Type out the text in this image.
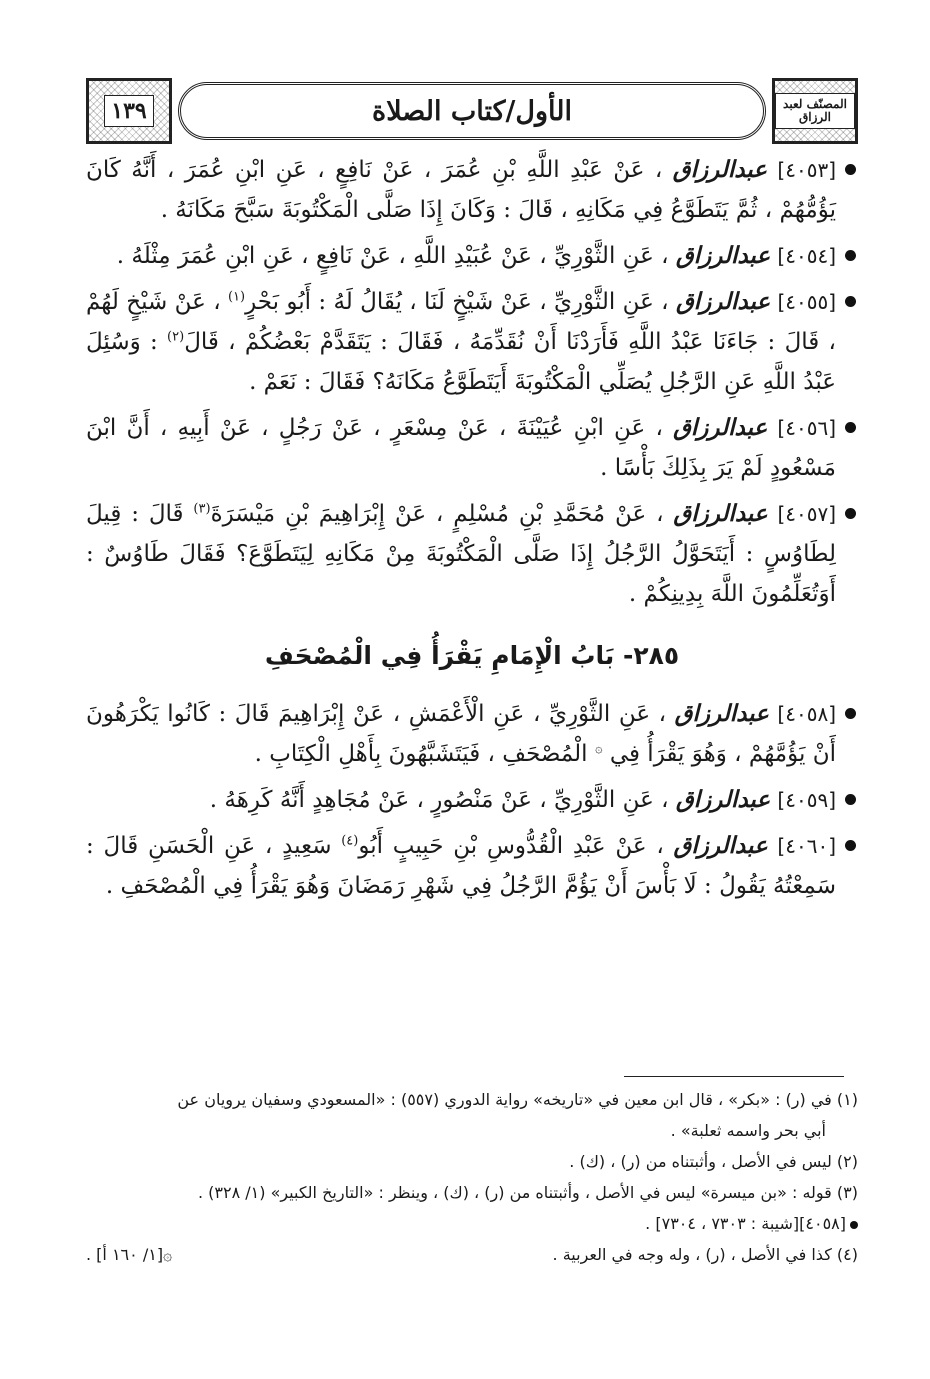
المصنّف لعبد الرزاق
الأول/كتاب الصلاة
١٣٩

[٤٠٥٣] عبدالرزاق ، عَنْ عَبْدِ اللَّهِ بْنِ عُمَرَ ، عَنْ نَافِعٍ ، عَنِ ابْنِ عُمَرَ ، أَنَّهُ كَانَ يَؤُمُّهُمْ ، ثُمَّ يَتَطَوَّعُ فِي مَكَانِهِ ، قَالَ : وَكَانَ إِذَا صَلَّى الْمَكْتُوبَةَ سَبَّحَ مَكَانَهُ .

[٤٠٥٤] عبدالرزاق ، عَنِ الثَّوْرِيِّ ، عَنْ عُبَيْدِ اللَّهِ ، عَنْ نَافِعٍ ، عَنِ ابْنِ عُمَرَ مِثْلَهُ .

[٤٠٥٥] عبدالرزاق ، عَنِ الثَّوْرِيِّ ، عَنْ شَيْخٍ لَنَا ، يُقَالُ لَهُ : أَبُو بَحْرٍ$^{(١)}$ ، عَنْ شَيْخٍ لَهُمْ ، قَالَ : جَاءَنَا عَبْدُ اللَّهِ فَأَرَدْنَا أَنْ نُقَدِّمَهُ ، فَقَالَ : يَتَقَدَّمْ بَعْضُكُمْ ، قَالَ$^{(٢)}$ : وَسُئِلَ عَبْدُ اللَّهِ عَنِ الرَّجُلِ يُصَلِّي الْمَكْتُوبَةَ أَيَتَطَوَّعُ مَكَانَهُ؟ فَقَالَ : نَعَمْ .

[٤٠٥٦] عبدالرزاق ، عَنِ ابْنِ عُيَيْنَةَ ، عَنْ مِسْعَرٍ ، عَنْ رَجُلٍ ، عَنْ أَبِيهِ ، أَنَّ ابْنَ مَسْعُودٍ لَمْ يَرَ بِذَلِكَ بَأْسًا .

[٤٠٥٧] عبدالرزاق ، عَنْ مُحَمَّدِ بْنِ مُسْلِمٍ ، عَنْ إِبْرَاهِيمَ بْنِ مَيْسَرَةَ$^{(٣)}$ قَالَ : قِيلَ لِطَاوُسٍ : أَيَتَحَوَّلُ الرَّجُلُ إِذَا صَلَّى الْمَكْتُوبَةَ مِنْ مَكَانِهِ لِيَتَطَوَّعَ؟ فَقَالَ طَاوُسٌ : أَوَتُعَلِّمُونَ اللَّهَ بِدِينِكُمْ .

٢٨٥- بَابُ الْإِمَامِ يَقْرَأُ فِي الْمُصْحَفِ

[٤٠٥٨] عبدالرزاق ، عَنِ الثَّوْرِيِّ ، عَنِ الْأَعْمَشِ ، عَنْ إِبْرَاهِيمَ قَالَ : كَانُوا يَكْرَهُونَ أَنْ يَؤُمَّهُمْ ، وَهُوَ يَقْرَأُ فِي ۞ الْمُصْحَفِ ، فَيَتَشَبَّهُونَ بِأَهْلِ الْكِتَابِ .

[٤٠٥٩] عبدالرزاق ، عَنِ الثَّوْرِيِّ ، عَنْ مَنْصُورٍ ، عَنْ مُجَاهِدٍ أَنَّهُ كَرِهَهُ .

[٤٠٦٠] عبدالرزاق ، عَنْ عَبْدِ الْقُدُّوسِ بْنِ حَبِيبٍ أَبُو$^{(٤)}$ سَعِيدٍ ، عَنِ الْحَسَنِ قَالَ : سَمِعْتُهُ يَقُولُ : لَا بَأْسَ أَنْ يَؤُمَّ الرَّجُلُ فِي شَهْرِ رَمَضَانَ وَهُوَ يَقْرَأُ فِي الْمُصْحَفِ .

(١) في (ر) : «بكر» ، قال ابن معين في «تاريخه» رواية الدوري (٥٥٧) : «المسعودي وسفيان يرويان عن

أبي بحر واسمه ثعلبة» .

(٢) ليس في الأصل ، وأثبتناه من (ر) ، (ك) .

(٣) قوله : «بن ميسرة» ليس في الأصل ، وأثبتناه من (ر) ، (ك) ، وينظر : «التاريخ الكبير» (١/ ٣٢٨) .

[٤٠٥٨][شيبة : ٧٣٠٣ ، ٧٣٠٤] .

(٤) كذا في الأصل ، (ر) ، وله وجه في العربية .
۞[١/ ١٦٠ أ] .
